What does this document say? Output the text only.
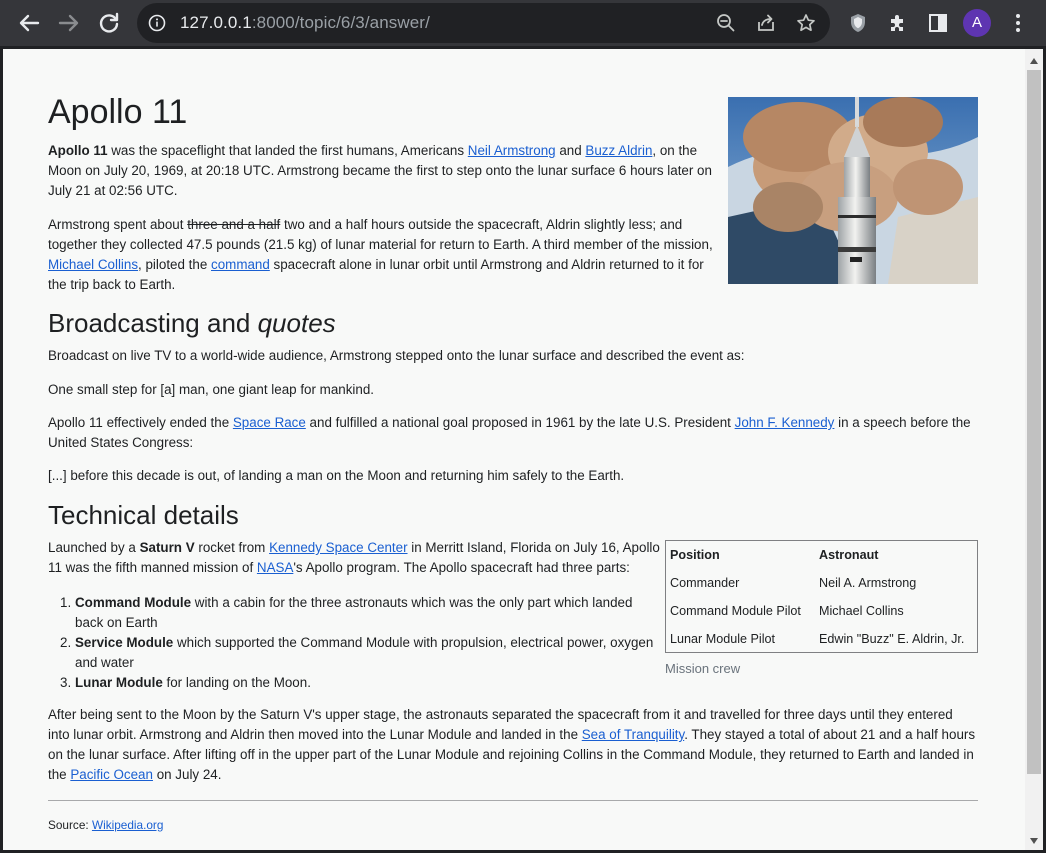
127.0.0.1:8000/topic/6/3/answer/	A
Apollo 11

Apollo 11 was the spaceflight that landed the first humans, Americans Neil Armstrong and Buzz Aldrin, on the Moon on July 20, 1969, at 20:18 UTC. Armstrong became the first to step onto the lunar surface 6 hours later on July 21 at 02:56 UTC.

Armstrong spent about three and a half two and a half hours outside the spacecraft, Aldrin slightly less; and together they collected 47.5 pounds (21.5 kg) of lunar material for return to Earth. A third member of the mission, Michael Collins, piloted the command spacecraft alone in lunar orbit until Armstrong and Aldrin returned to it for the trip back to Earth.

Broadcasting and quotes

Broadcast on live TV to a world-wide audience, Armstrong stepped onto the lunar surface and described the event as:

One small step for [a] man, one giant leap for mankind.

Apollo 11 effectively ended the Space Race and fulfilled a national goal proposed in 1961 by the late U.S. President John F. Kennedy in a speech before the United States Congress:

[...] before this decade is out, of landing a man on the Moon and returning him safely to the Earth.

Technical details

Launched by a Saturn V rocket from Kennedy Space Center in Merritt Island, Florida on July 16, Apollo 11 was the fifth manned mission of NASA's Apollo program. The Apollo spacecraft had three parts:

1. Command Module with a cabin for the three astronauts which was the only part which landed back on Earth
2. Service Module which supported the Command Module with propulsion, electrical power, oxygen and water
3. Lunar Module for landing on the Moon.
Position	Astronaut
Commander	Neil A. Armstrong
Command Module Pilot	Michael Collins
Lunar Module Pilot	Edwin "Buzz" E. Aldrin, Jr.
Mission crew

After being sent to the Moon by the Saturn V's upper stage, the astronauts separated the spacecraft from it and travelled for three days until they entered into lunar orbit. Armstrong and Aldrin then moved into the Lunar Module and landed in the Sea of Tranquility. They stayed a total of about 21 and a half hours on the lunar surface. After lifting off in the upper part of the Lunar Module and rejoining Collins in the Command Module, they returned to Earth and landed in the Pacific Ocean on July 24.

Source: Wikipedia.org
